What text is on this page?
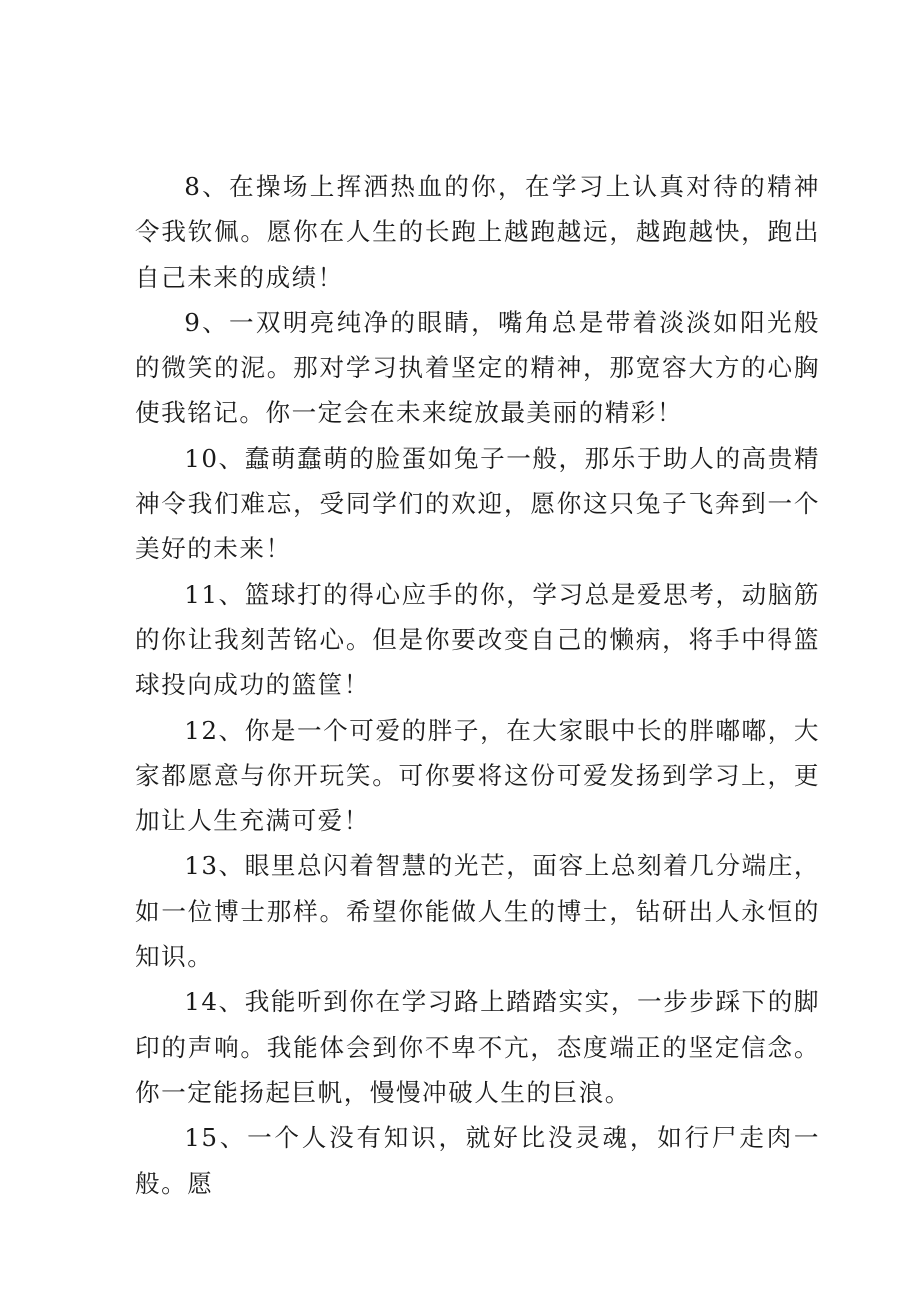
8、在操场上挥洒热血的你，在学习上认真对待的精神令我钦佩。愿你在人生的长跑上越跑越远，越跑越快，跑出自己未来的成绩！

9、一双明亮纯净的眼睛，嘴角总是带着淡淡如阳光般的微笑的泥。那对学习执着坚定的精神，那宽容大方的心胸使我铭记。你一定会在未来绽放最美丽的精彩！

10、蠢萌蠢萌的脸蛋如兔子一般，那乐于助人的高贵精神令我们难忘，受同学们的欢迎，愿你这只兔子飞奔到一个美好的未来！

11、篮球打的得心应手的你，学习总是爱思考，动脑筋的你让我刻苦铭心。但是你要改变自己的懒病，将手中得篮球投向成功的篮筐！

12、你是一个可爱的胖子，在大家眼中长的胖嘟嘟，大家都愿意与你开玩笑。可你要将这份可爱发扬到学习上，更加让人生充满可爱！

13、眼里总闪着智慧的光芒，面容上总刻着几分端庄，如一位博士那样。希望你能做人生的博士，钻研出人永恒的知识。

14、我能听到你在学习路上踏踏实实，一步步踩下的脚印的声响。我能体会到你不卑不亢，态度端正的坚定信念。你一定能扬起巨帆，慢慢冲破人生的巨浪。

15、一个人没有知识，就好比没灵魂，如行尸走肉一般。愿
